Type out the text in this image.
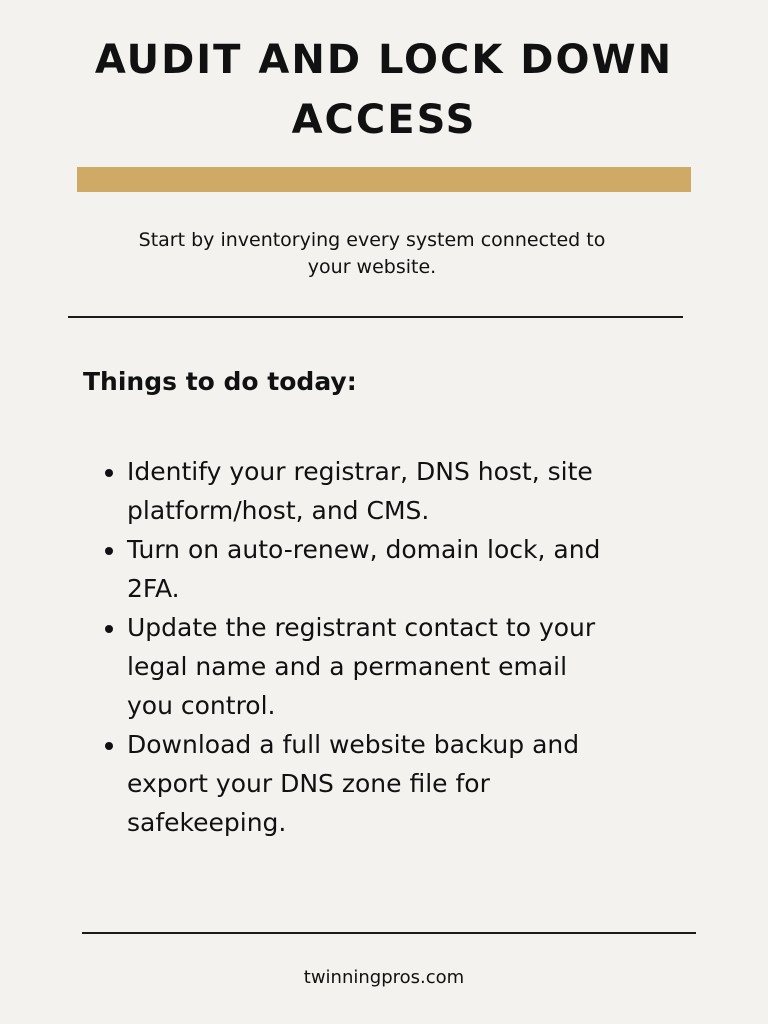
AUDIT AND LOCK DOWN
ACCESS

Start by inventorying every system connected to
your website.

Things to do today:
Identify your registrar, DNS host, site
platform/host, and CMS.
Turn on auto-renew, domain lock, and
2FA.
Update the registrant contact to your
legal name and a permanent email
you control.
Download a full website backup and
export your DNS zone file for
safekeeping.

twinningpros.com
